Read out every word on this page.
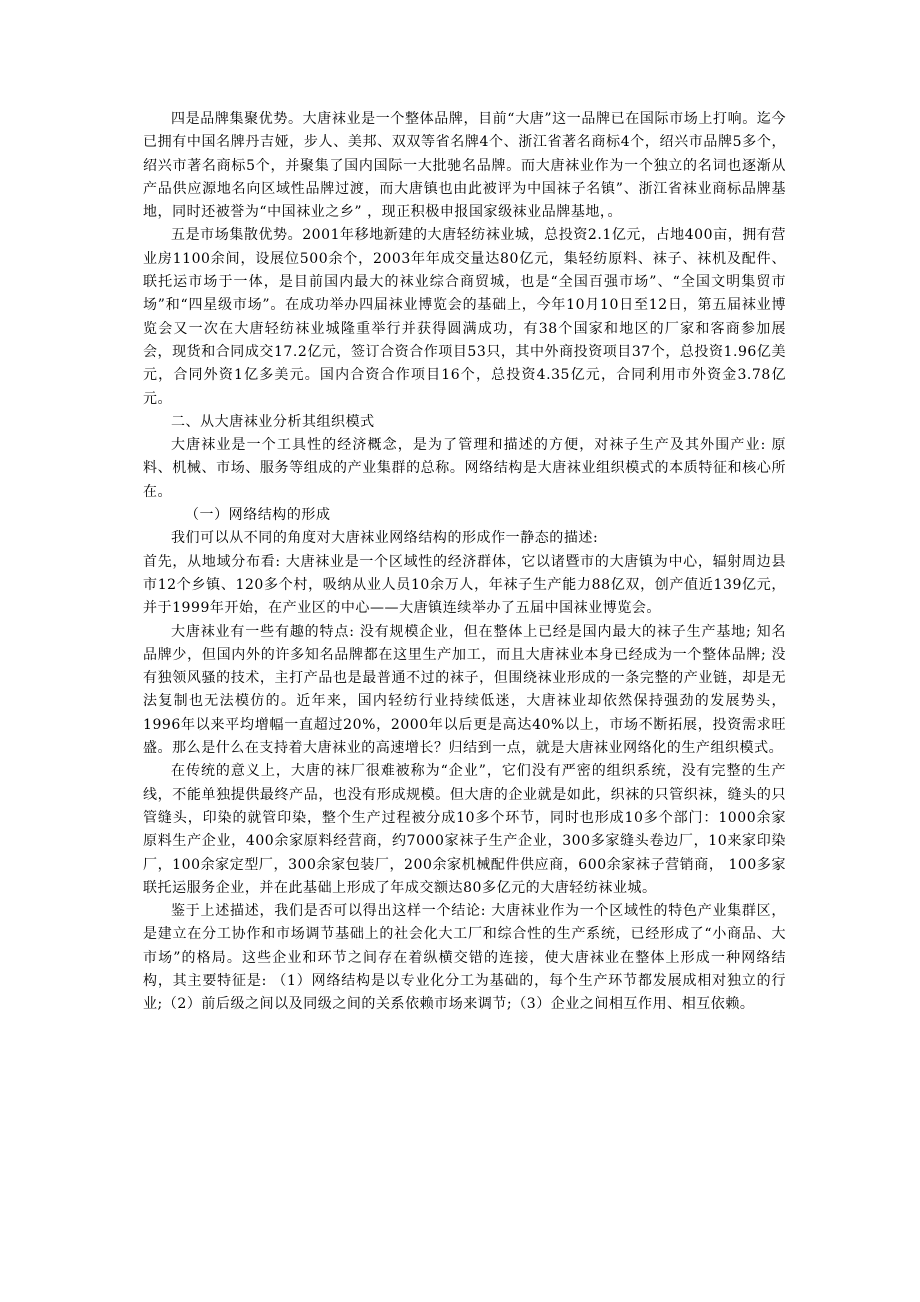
四是品牌集聚优势。大唐袜业是一个整体品牌，目前“大唐”这一品牌已在国际市场上打响。迄今已拥有中国名牌丹吉娅，步人、美邦、双双等省名牌4个、浙江省著名商标4个，绍兴市品牌5多个，绍兴市著名商标5个，并聚集了国内国际一大批驰名品牌。而大唐袜业作为一个独立的名词也逐渐从产品供应源地名向区域性品牌过渡，而大唐镇也由此被评为中国袜子名镇”、浙江省袜业商标品牌基地，同时还被誉为“中国袜业之乡” ，现正积极申报国家级袜业品牌基地，。

五是市场集散优势。2001年移地新建的大唐轻纺袜业城，总投资2.1亿元，占地400亩，拥有营业房1100余间，设展位500余个，2003年年成交量达80亿元，集轻纺原料、袜子、袜机及配件、联托运市场于一体，是目前国内最大的袜业综合商贸城，也是“全国百强市场”、“全国文明集贸市场”和“四星级市场”。在成功举办四届袜业博览会的基础上，今年10月10日至12日，第五届袜业博览会又一次在大唐轻纺袜业城隆重举行并获得圆满成功，有38个国家和地区的厂家和客商参加展会，现货和合同成交17.2亿元，签订合资合作项目53只，其中外商投资项目37个，总投资1.96亿美元，合同外资1亿多美元。国内合资合作项目16个，总投资4.35亿元，合同利用市外资金3.78亿元。

二、从大唐袜业分析其组织模式

大唐袜业是一个工具性的经济概念，是为了管理和描述的方便，对袜子生产及其外围产业: 原料、机械、市场、服务等组成的产业集群的总称。网络结构是大唐袜业组织模式的本质特征和核心所在。

（一）网络结构的形成

我们可以从不同的角度对大唐袜业网络结构的形成作一静态的描述:

首先，从地域分布看: 大唐袜业是一个区域性的经济群体，它以诸暨市的大唐镇为中心，辐射周边县市12个乡镇、120多个村，吸纳从业人员10余万人，年袜子生产能力88亿双，创产值近139亿元，并于1999年开始，在产业区的中心——大唐镇连续举办了五届中国袜业博览会。

大唐袜业有一些有趣的特点: 没有规模企业，但在整体上已经是国内最大的袜子生产基地; 知名品牌少，但国内外的许多知名品牌都在这里生产加工，而且大唐袜业本身已经成为一个整体品牌; 没有独领风骚的技术，主打产品也是最普通不过的袜子，但围绕袜业形成的一条完整的产业链，却是无法复制也无法模仿的。近年来，国内轻纺行业持续低迷，大唐袜业却依然保持强劲的发展势头，1996年以来平均增幅一直超过20%，2000年以后更是高达40%以上，市场不断拓展，投资需求旺盛。那么是什么在支持着大唐袜业的高速增长？归结到一点，就是大唐袜业网络化的生产组织模式。

在传统的意义上，大唐的袜厂很难被称为“企业”，它们没有严密的组织系统，没有完整的生产线，不能单独提供最终产品，也没有形成规模。但大唐的企业就是如此，织袜的只管织袜，缝头的只管缝头，印染的就管印染，整个生产过程被分成10多个环节，同时也形成10多个部门：1000余家原料生产企业，400余家原料经营商，约7000家袜子生产企业，300多家缝头卷边厂，10来家印染厂，100余家定型厂，300余家包装厂，200余家机械配件供应商，600余家袜子营销商， 100多家联托运服务企业，并在此基础上形成了年成交额达80多亿元的大唐轻纺袜业城。

鉴于上述描述，我们是否可以得出这样一个结论: 大唐袜业作为一个区域性的特色产业集群区，是建立在分工协作和市场调节基础上的社会化大工厂和综合性的生产系统，已经形成了“小商品、大市场”的格局。这些企业和环节之间存在着纵横交错的连接，使大唐袜业在整体上形成一种网络结构，其主要特征是: （1）网络结构是以专业化分工为基础的，每个生产环节都发展成相对独立的行业;（2）前后级之间以及同级之间的关系依赖市场来调节;（3）企业之间相互作用、相互依赖。
